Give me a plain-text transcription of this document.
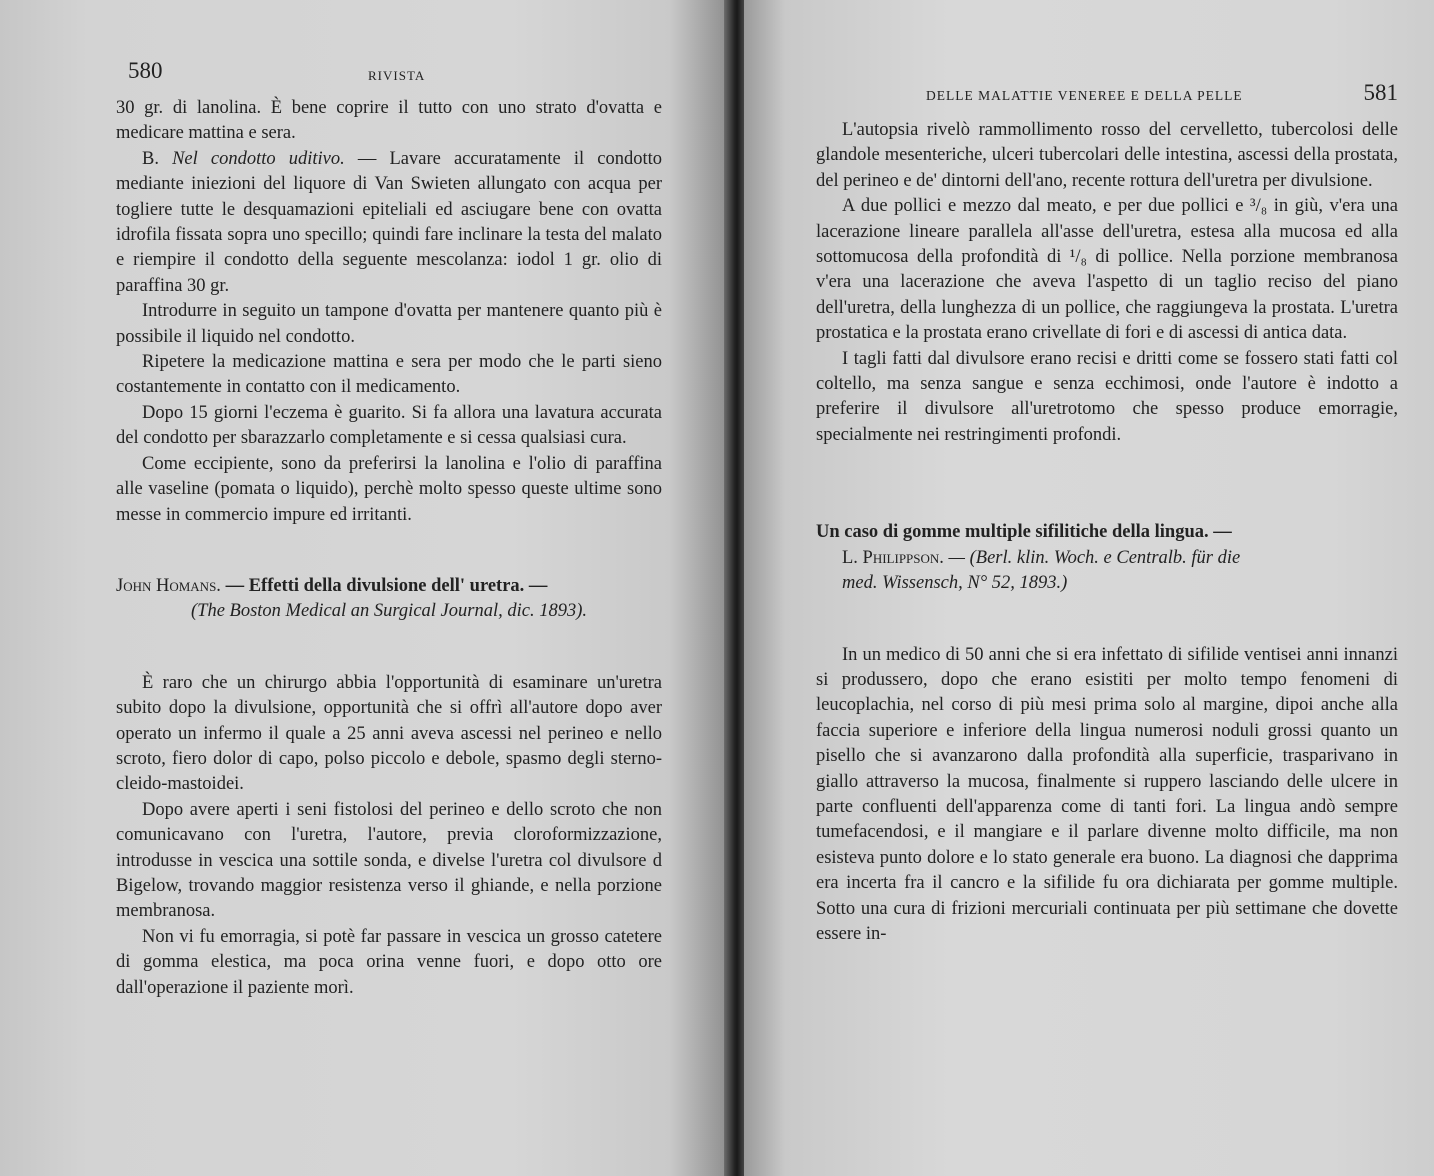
580	RIVISTA

30 gr. di lanolina. È bene coprire il tutto con uno strato d'ovatta e medicare mattina e sera.

B. Nel condotto uditivo. — Lavare accuratamente il condotto mediante iniezioni del liquore di Van Swieten allungato con acqua per togliere tutte le desquamazioni epiteliali ed asciugare bene con ovatta idrofila fissata sopra uno specillo; quindi fare inclinare la testa del malato e riempire il condotto della seguente mescolanza: iodol 1 gr. olio di paraffina 30 gr.

Introdurre in seguito un tampone d'ovatta per mantenere quanto più è possibile il liquido nel condotto.

Ripetere la medicazione mattina e sera per modo che le parti sieno costantemente in contatto con il medicamento.

Dopo 15 giorni l'eczema è guarito. Si fa allora una lavatura accurata del condotto per sbarazzarlo completamente e si cessa qualsiasi cura.

Come eccipiente, sono da preferirsi la lanolina e l'olio di paraffina alle vaseline (pomata o liquido), perchè molto spesso queste ultime sono messe in commercio impure ed irritanti.

John Homans. — Effetti della divulsione dell' uretra. —
(The Boston Medical an Surgical Journal, dic. 1893).

È raro che un chirurgo abbia l'opportunità di esaminare un'uretra subito dopo la divulsione, opportunità che si offrì all'autore dopo aver operato un infermo il quale a 25 anni aveva ascessi nel perineo e nello scroto, fiero dolor di capo, polso piccolo e debole, spasmo degli sterno-cleido-mastoidei.

Dopo avere aperti i seni fistolosi del perineo e dello scroto che non comunicavano con l'uretra, l'autore, previa cloroformizzazione, introdusse in vescica una sottile sonda, e divelse l'uretra col divulsore d Bigelow, trovando maggior resistenza verso il ghiande, e nella porzione membranosa.

Non vi fu emorragia, si potè far passare in vescica un grosso catetere di gomma elestica, ma poca orina venne fuori, e dopo otto ore dall'operazione il paziente morì.

DELLE MALATTIE VENEREE E DELLA PELLE	581

L'autopsia rivelò rammollimento rosso del cervelletto, tubercolosi delle glandole mesenteriche, ulceri tubercolari delle intestina, ascessi della prostata, del perineo e de' dintorni dell'ano, recente rottura dell'uretra per divulsione.

A due pollici e mezzo dal meato, e per due pollici e ³/₈ in giù, v'era una lacerazione lineare parallela all'asse dell'uretra, estesa alla mucosa ed alla sottomucosa della profondità di ¹/₈ di pollice. Nella porzione membranosa v'era una lacerazione che aveva l'aspetto di un taglio reciso del piano dell'uretra, della lunghezza di un pollice, che raggiungeva la prostata. L'uretra prostatica e la prostata erano crivellate di fori e di ascessi di antica data.

I tagli fatti dal divulsore erano recisi e dritti come se fossero stati fatti col coltello, ma senza sangue e senza ecchimosi, onde l'autore è indotto a preferire il divulsore all'uretrotomo che spesso produce emorragie, specialmente nei restringimenti profondi.

Un caso di gomme multiple sifilitiche della lingua. —
L. Philippson. — (Berl. klin. Woch. e Centralb. für die
med. Wissensch, N° 52, 1893.)

In un medico di 50 anni che si era infettato di sifilide ventisei anni innanzi si produssero, dopo che erano esistiti per molto tempo fenomeni di leucoplachia, nel corso di più mesi prima solo al margine, dipoi anche alla faccia superiore e inferiore della lingua numerosi noduli grossi quanto un pisello che si avanzarono dalla profondità alla superficie, trasparivano in giallo attraverso la mucosa, finalmente si ruppero lasciando delle ulcere in parte confluenti dell'apparenza come di tanti fori. La lingua andò sempre tumefacendosi, e il mangiare e il parlare divenne molto difficile, ma non esisteva punto dolore e lo stato generale era buono. La diagnosi che dapprima era incerta fra il cancro e la sifilide fu ora dichiarata per gomme multiple. Sotto una cura di frizioni mercuriali continuata per più settimane che dovette essere in-
